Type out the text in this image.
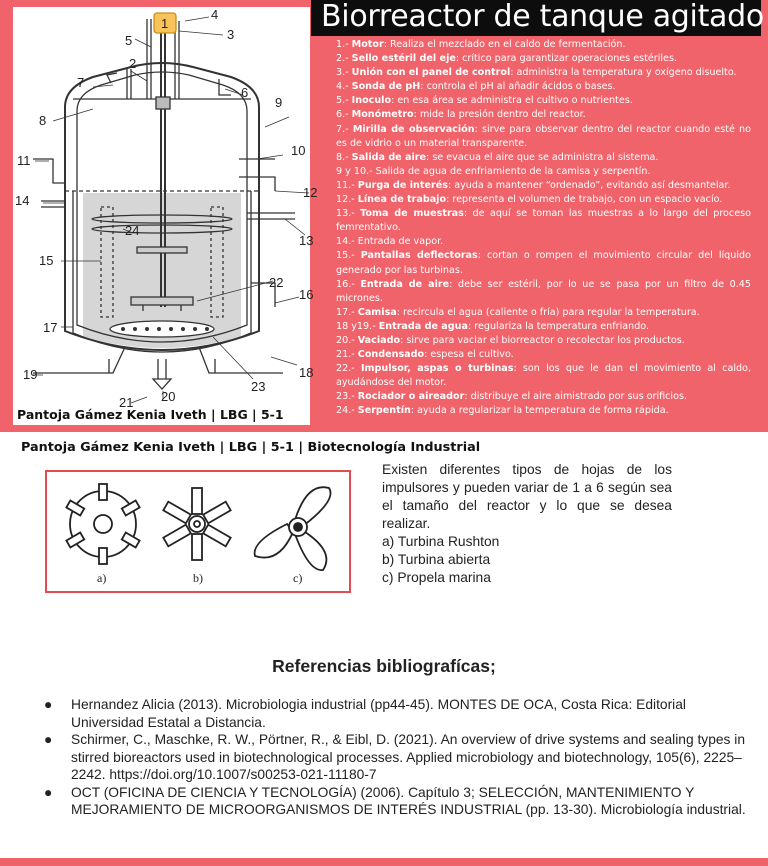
1
2
3
4
5
6
7
8
9
10
11
12
13
14
15
16
17
18
19
20
21
22
23
24
Pantoja Gámez Kenia Iveth | LBG | 5-1
Biorreactor de tanque agitado

1.- Motor: Realiza el mezclado en el caldo de fermentación.

2.- Sello estéril del eje: crítico para garantizar operaciones estériles.

3.- Unión con el panel de control: administra la temperatura y oxígeno disuelto.

4.- Sonda de pH: controla el pH al añadir ácidos o bases.

5.- Inoculo: en esa área se administra el cultivo o nutrientes.

6.- Monómetro: mide la presión dentro del reactor.

7.- Mirilla de observación: sirve para observar dentro del reactor cuando esté no es de vidrio o un material transparente.

8.- Salida de aire: se evacua el aire que se administra al sistema.

9 y 10.- Salida de agua de enfriamiento de la camisa y serpentín.

11.- Purga de interés: ayuda a mantener “ordenado”, evitando así desmantelar.

12.- Línea de trabajo: representa el volumen de trabajo, con un espacio vacío.

13.- Toma de muestras: de aquí se toman las muestras a lo largo del proceso femrentativo.

14.- Entrada de vapor.

15.- Pantallas deflectoras: cortan o rompen el movimiento circular del líquido generado por las turbinas.

16.- Entrada de aire: debe ser estéril, por lo ue se pasa por un filtro de 0.45 micrones.

17.- Camisa: recircula el agua (caliente o fría) para regular la temperatura.

18 y19.- Entrada de agua: regulariza la temperatura enfriando.

20.- Vaciado: sirve para vaciar el biorreactor o recolectar los productos.

21.- Condensado: espesa el cultivo.

22.- Impulsor, aspas o turbinas: son los que le dan el movimiento al caldo, ayudándose del motor.

23.- Rociador o aireador: distribuye el aire aimistrado por sus orificios.

24.- Serpentín: ayuda a regularizar la temperatura de forma rápida.

Pantoja Gámez Kenia Iveth | LBG | 5-1 | Biotecnología Industrial
a)	b)	c)

Existen diferentes tipos de hojas de los impulsores y pueden variar de 1 a 6 según sea el tamaño del reactor y lo que se desea realizar.

a) Turbina Rushton

b) Turbina abierta

c) Propela marina

Referencias bibliografícas;
● Hernandez Alicia (2013). Microbiologia industrial (pp44-45). MONTES DE OCA, Costa Rica: Editorial Universidad Estatal a Distancia.
● Schirmer, C., Maschke, R. W., Pörtner, R., & Eibl, D. (2021). An overview of drive systems and sealing types in stirred bioreactors used in biotechnological processes. Applied microbiology and biotechnology, 105(6), 2225–2242. https://doi.org/10.1007/s00253-021-11180-7
● OCT (OFICINA DE CIENCIA Y TECNOLOGÍA) (2006). Capítulo 3; SELECCIÓN, MANTENIMIENTO Y MEJORAMIENTO DE MICROORGANISMOS DE INTERÉS INDUSTRIAL (pp. 13-30). Microbiología industrial.
